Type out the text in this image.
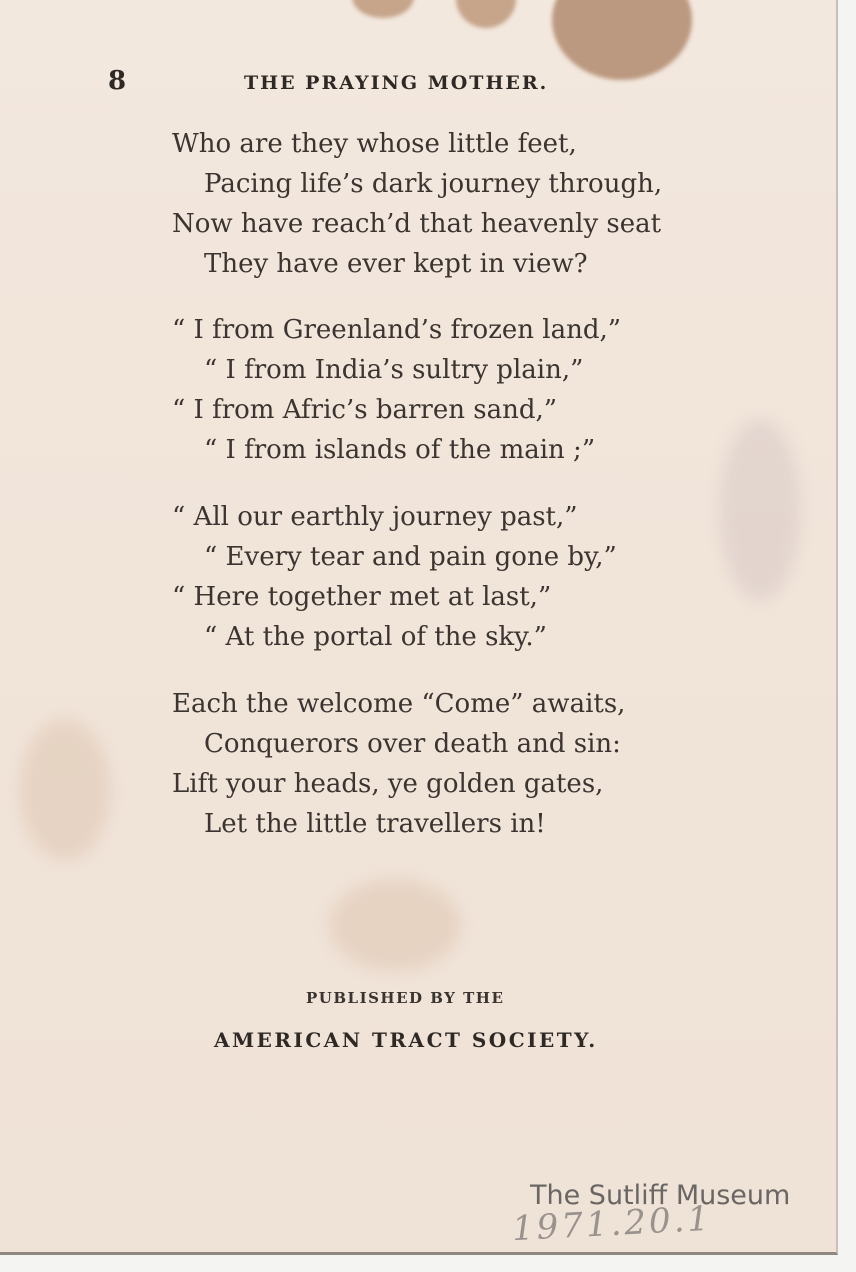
8	THE PRAYING MOTHER.
Who are they whose little feet,
Pacing life’s dark journey through,
Now have reach’d that heavenly seat
They have ever kept in view?
“ I from Greenland’s frozen land,”
“ I from India’s sultry plain,”
“ I from Afric’s barren sand,”
“ I from islands of the main ;”
“ All our earthly journey past,”
“ Every tear and pain gone by,”
“ Here together met at last,”
“ At the portal of the sky.”
Each the welcome “Come” awaits,
Conquerors over death and sin:
Lift your heads, ye golden gates,
Let the little travellers in!
PUBLISHED BY THE
AMERICAN TRACT SOCIETY.
The Sutliff Museum
1971.20.1
